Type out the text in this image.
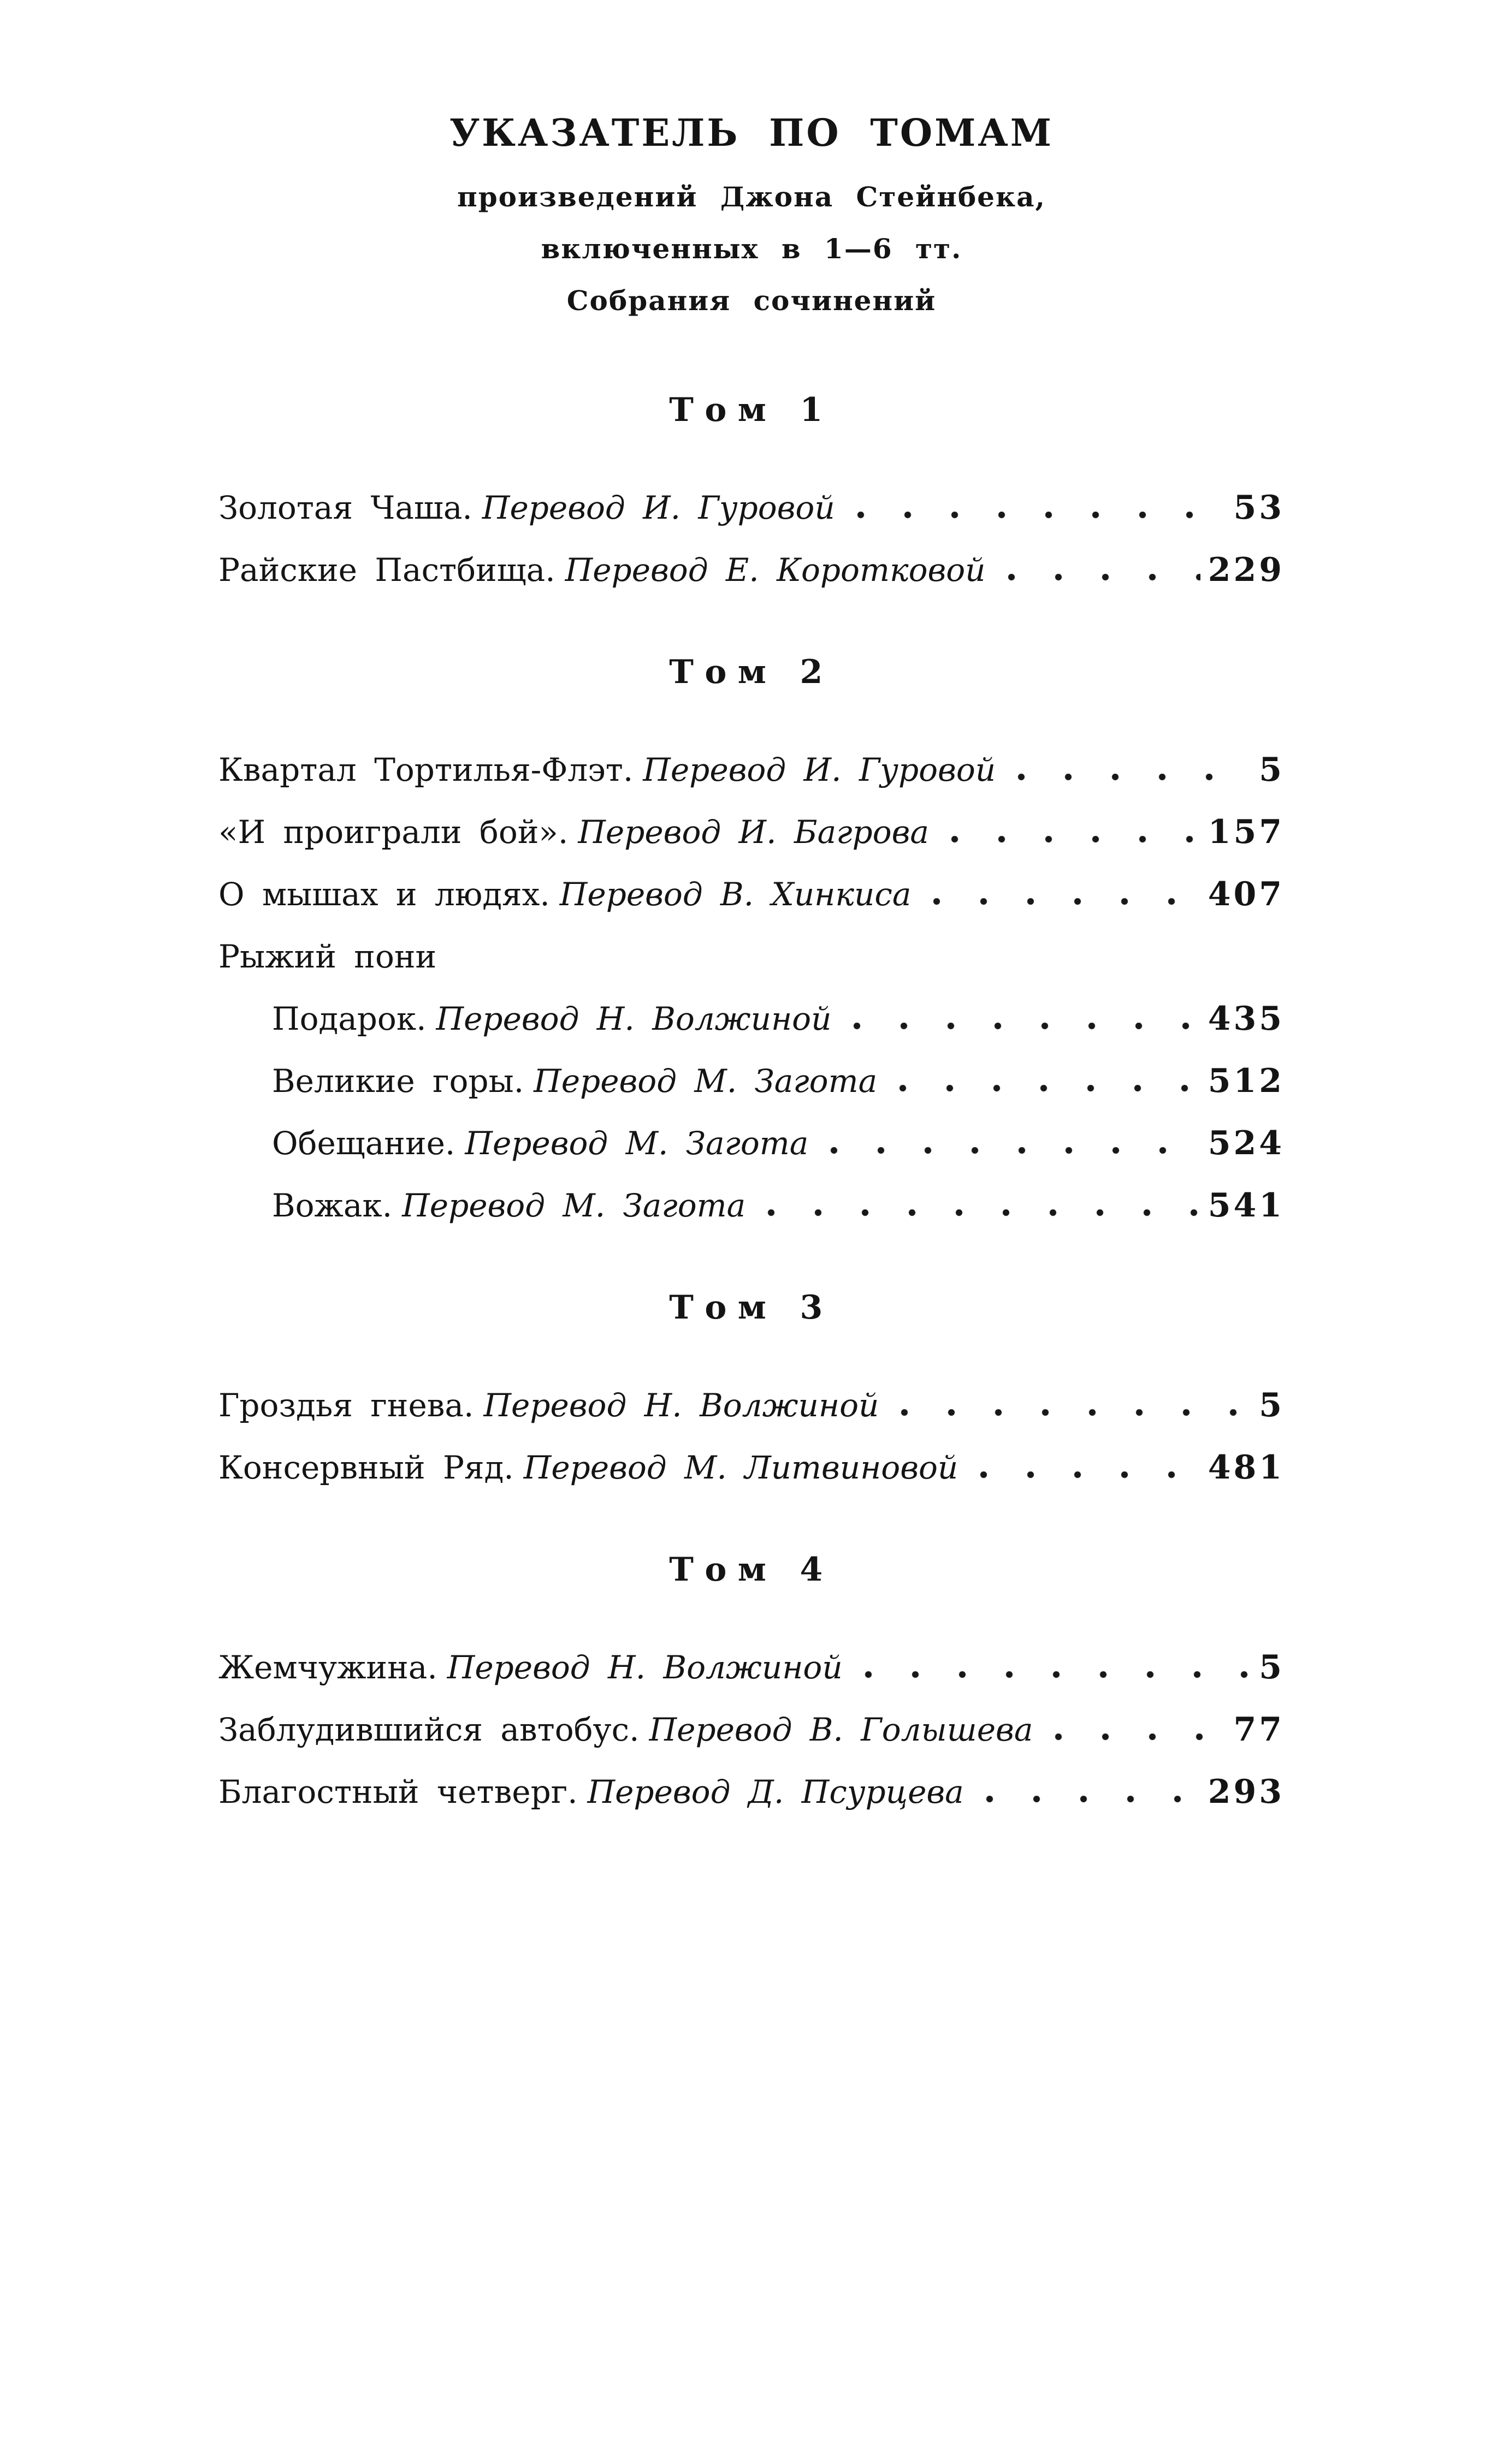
УКАЗАТЕЛЬ ПО ТОМАМ
произведений Джона Стейнбека,
включенных в 1—6 тт.
Собрания сочинений
Том 1
Золотая Чаша. Перевод И. Гуровой	53
Райские Пастбища. Перевод Е. Коротковой	229
Том 2
Квартал Тортилья-Флэт. Перевод И. Гуровой	5
«И проиграли бой». Перевод И. Багрова	157
О мышах и людях. Перевод В. Хинкиса	407
Рыжий пони
Подарок. Перевод Н. Волжиной	435
Великие горы. Перевод М. Загота	512
Обещание. Перевод М. Загота	524
Вожак. Перевод М. Загота	541
Том 3
Гроздья гнева. Перевод Н. Волжиной	5
Консервный Ряд. Перевод М. Литвиновой	481
Том 4
Жемчужина. Перевод Н. Волжиной	5
Заблудившийся автобус. Перевод В. Голышева	77
Благостный четверг. Перевод Д. Псурцева	293
